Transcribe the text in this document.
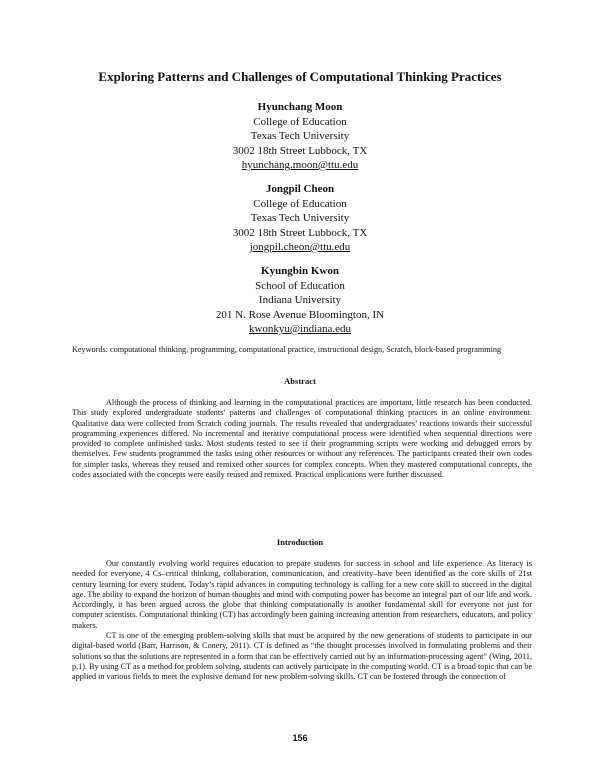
Exploring Patterns and Challenges of Computational Thinking Practices
Hyunchang Moon
College of Education
Texas Tech University
3002 18th Street Lubbock, TX
hyunchang.moon@ttu.edu
Jongpil Cheon
College of Education
Texas Tech University
3002 18th Street Lubbock, TX
jongpil.cheon@ttu.edu
Kyungbin Kwon
School of Education
Indiana University
201 N. Rose Avenue Bloomington, IN
kwonkyu@indiana.edu
Keywords: computational thinking, programming, computational practice, instructional design, Scratch, block-based programming
Abstract

Although the process of thinking and learning in the computational practices are important, little research has been conducted. This study explored undergraduate students’ patterns and challenges of computational thinking practices in an online environment. Qualitative data were collected from Scratch coding journals. The results revealed that undergraduates’ reactions towards their successful programming experiences differed. No incremental and iterative computational process were identified when sequential directions were provided to complete unfinished tasks. Most students tested to see if their programming scripts were working and debugged errors by themselves. Few students programmed the tasks using other resources or without any references. The participants created their own codes for simpler tasks, whereas they reused and remixed other sources for complex concepts. When they mastered computational concepts, the codes associated with the concepts were easily reused and remixed. Practical implications were further discussed.

Introduction

Our constantly evolving world requires education to prepare students for success in school and life experience. As literacy is needed for everyone, 4 Cs–critical thinking, collaboration, communication, and creativity–have been identified as the core skills of 21st century learning for every student. Today’s rapid advances in computing technology is calling for a new core skill to succeed in the digital age. The ability to expand the horizon of human thoughts and mind with computing power has become an integral part of our life and work. Accordingly, it has been argued across the globe that thinking computationally is another fundamental skill for everyone not just for computer scientists. Computational thinking (CT) has accordingly been gaining increasing attention from researchers, educators, and policy makers.

CT is one of the emerging problem-solving skills that must be acquired by the new generations of students to participate in our digital-based world (Barr, Harrison, & Conery, 2011). CT is defined as “the thought processes involved in formulating problems and their solutions so that the solutions are represented in a form that can be effectively carried out by an information-processing agent” (Wing, 2011, p.1). By using CT as a method for problem solving, students can actively participate in the computing world. CT is a broad topic that can be applied in various fields to meet the explosive demand for new problem-solving skills. CT can be fostered through the connection of

156
